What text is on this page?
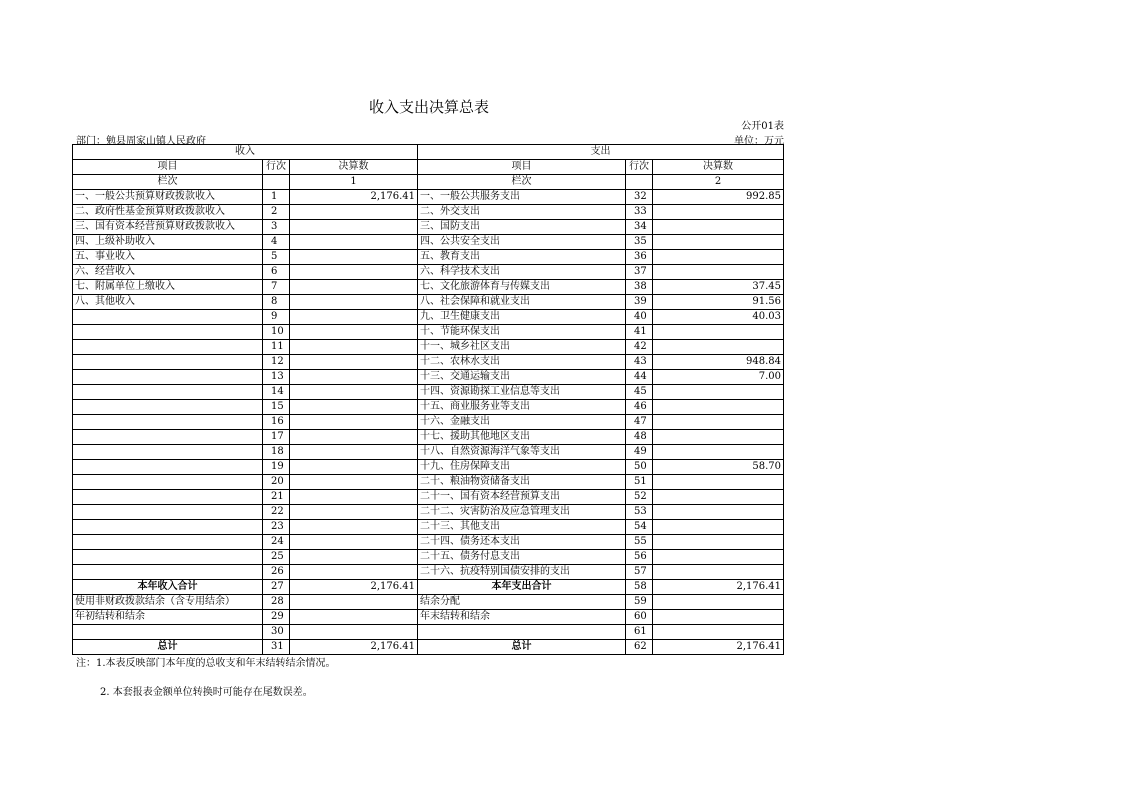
收入支出决算总表
公开01表
部门：勉县周家山镇人民政府	单位：万元
收入			支出		
项目	行次	决算数	项目	行次	决算数
栏次		1	栏次		2
一、一般公共预算财政拨款收入	1	2,176.41	一、一般公共服务支出	32	992.85
二、政府性基金预算财政拨款收入	2		二、外交支出	33	
三、国有资本经营预算财政拨款收入	3		三、国防支出	34	
四、上级补助收入	4		四、公共安全支出	35	
五、事业收入	5		五、教育支出	36	
六、经营收入	6		六、科学技术支出	37	
七、附属单位上缴收入	7		七、文化旅游体育与传媒支出	38	37.45
八、其他收入	8		八、社会保障和就业支出	39	91.56
	9		九、卫生健康支出	40	40.03
	10		十、节能环保支出	41	
	11		十一、城乡社区支出	42	
	12		十二、农林水支出	43	948.84
	13		十三、交通运输支出	44	7.00
	14		十四、资源勘探工业信息等支出	45	
	15		十五、商业服务业等支出	46	
	16		十六、金融支出	47	
	17		十七、援助其他地区支出	48	
	18		十八、自然资源海洋气象等支出	49	
	19		十九、住房保障支出	50	58.70
	20		二十、粮油物资储备支出	51	
	21		二十一、国有资本经营预算支出	52	
	22		二十二、灾害防治及应急管理支出	53	
	23		二十三、其他支出	54	
	24		二十四、债务还本支出	55	
	25		二十五、债务付息支出	56	
	26		二十六、抗疫特别国债安排的支出	57	
本年收入合计	27	2,176.41	本年支出合计	58	2,176.41
使用非财政拨款结余（含专用结余）	28		结余分配	59	
年初结转和结余	29		年末结转和结余	60	
	30			61	
总计	31	2,176.41	总计	62	2,176.41
注：1.本表反映部门本年度的总收支和年末结转结余情况。
2. 本套报表金额单位转换时可能存在尾数误差。
